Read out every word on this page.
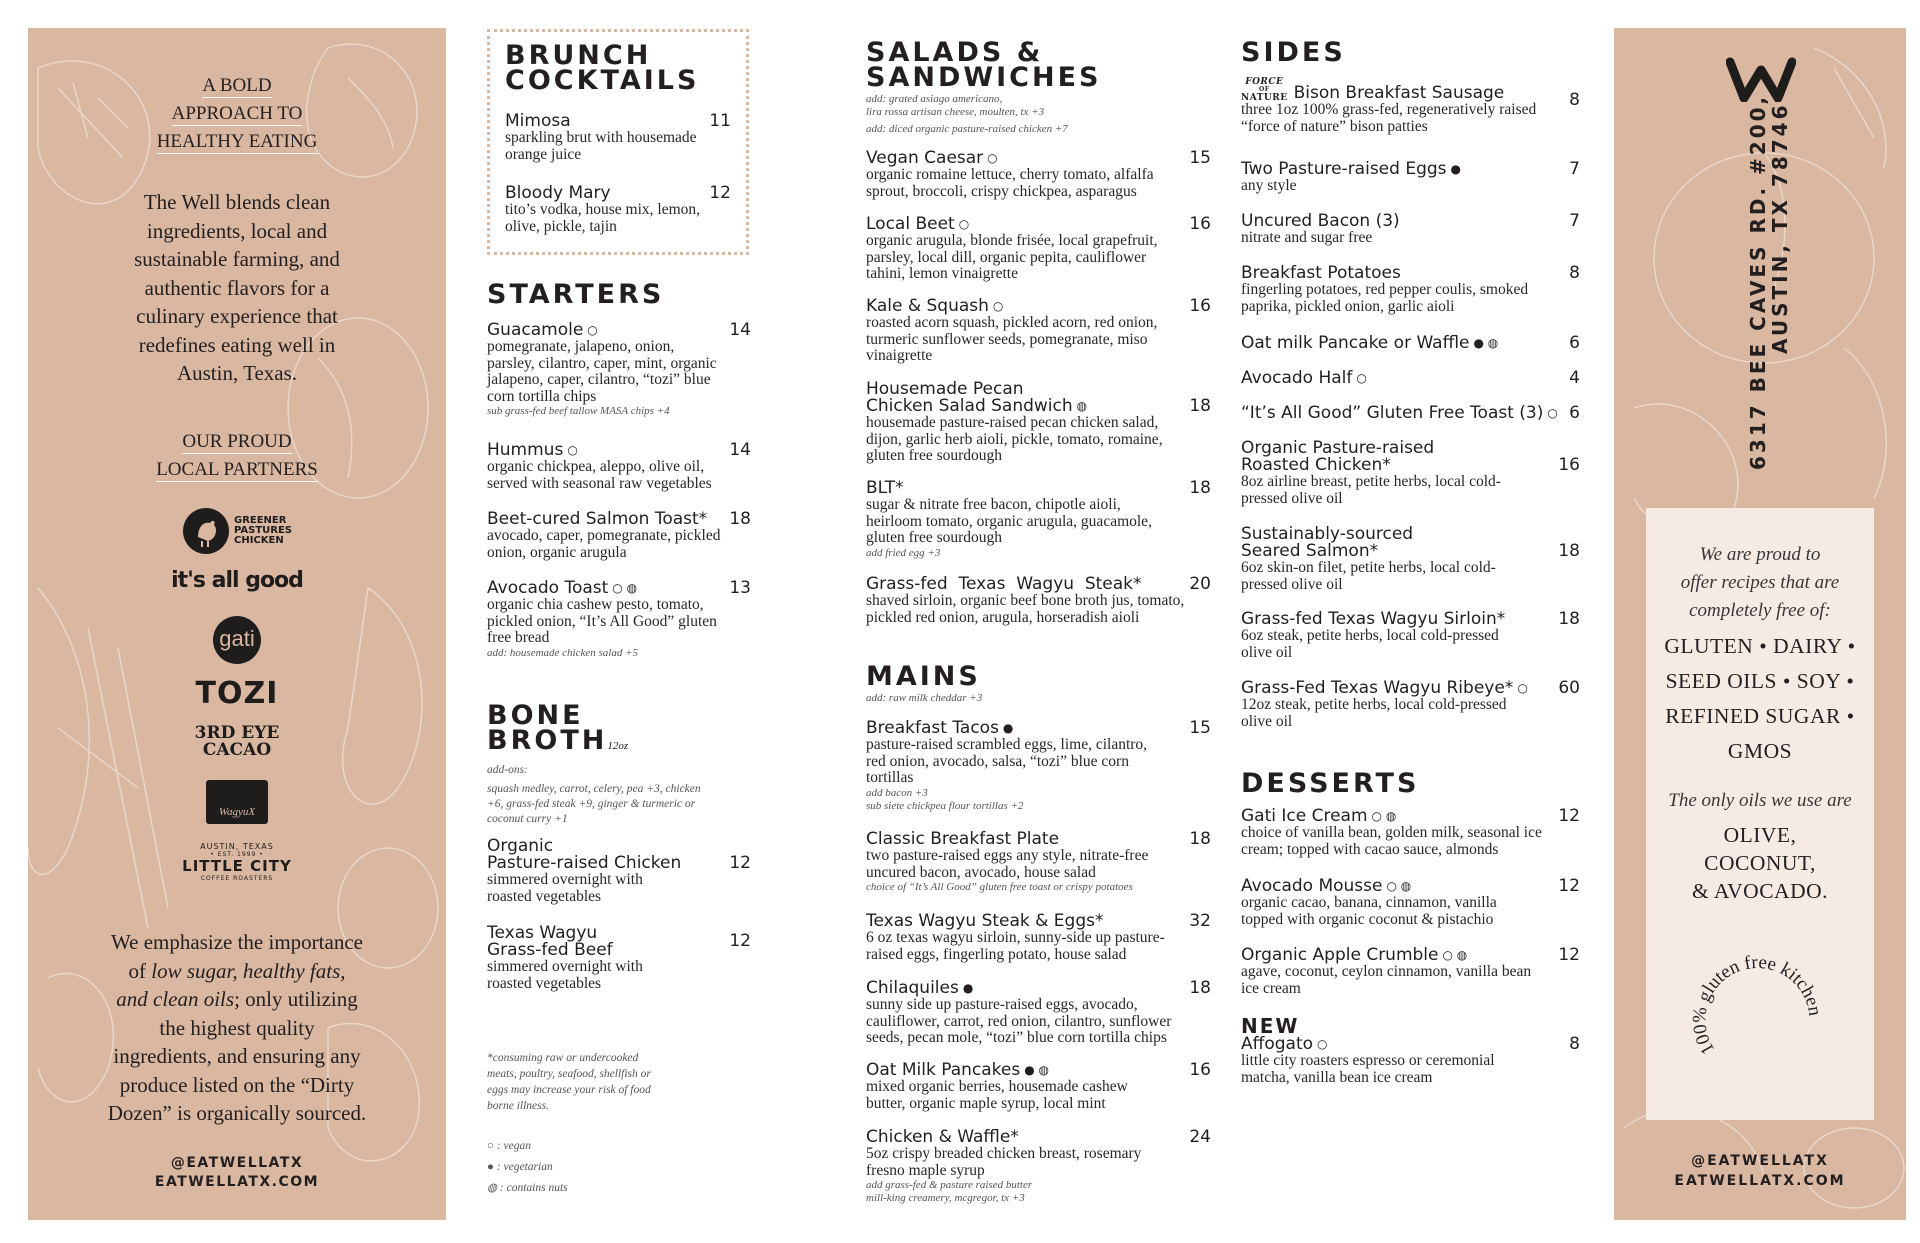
A BOLD
APPROACH TO
HEALTHY EATING
The Well blends clean
ingredients, local and
sustainable farming, and
authentic flavors for a
culinary experience that
redefines eating well in
Austin, Texas.
OUR PROUD
LOCAL PARTNERS
GREENER
PASTURES
CHICKEN
it's all good
gati
TOZI
3RD EYE
CACAO
WagyuX
AUSTIN, TEXAS
• EST. 1999 •
LITTLE CITY
COFFEE ROASTERS
We emphasize the importance
of low sugar, healthy fats,
and clean oils; only utilizing
the highest quality
ingredients, and ensuring any
produce listed on the “Dirty
Dozen” is organically sourced.
@EATWELLATX
EATWELLATX.COM
BRUNCH
COCKTAILS
Mimosa	11
sparkling brut with housemade
orange juice
Bloody Mary	12
tito’s vodka, house mix, lemon,
olive, pickle, tajin
STARTERS
Guacamole ○	14
pomegranate, jalapeno, onion,
parsley, cilantro, caper, mint, organic
jalapeno, caper, cilantro, “tozi” blue
corn tortilla chips
sub grass-fed beef tallow MASA chips +4
Hummus ○	14
organic chickpea, aleppo, olive oil,
served with seasonal raw vegetables
Beet-cured Salmon Toast*	18
avocado, caper, pomegranate, pickled
onion, organic arugula
Avocado Toast ○ ◍	13
organic chia cashew pesto, tomato,
pickled onion, “It’s All Good” gluten
free bread
add: housemade chicken salad +5
BONE
BROTH12oz
add-ons:
squash medley, carrot, celery, pea +3, chicken
+6, grass-fed steak +9, ginger & turmeric or
coconut curry +1
Organic
Pasture-raised Chicken	12
simmered overnight with
roasted vegetables
Texas Wagyu
Grass-fed Beef	12
simmered overnight with
roasted vegetables
*consuming raw or undercooked
meats, poultry, seafood, shellfish or
eggs may increase your risk of food
borne illness.
○ : vegan
● : vegetarian
◍ : contains nuts
SALADS &
SANDWICHES
add: grated asiago americano,
lira rossa artisan cheese, moulten, tx +3
add: diced organic pasture-raised chicken +7
Vegan Caesar ○	15
organic romaine lettuce, cherry tomato, alfalfa
sprout, broccoli, crispy chickpea, asparagus
Local Beet ○	16
organic arugula, blonde frisée, local grapefruit,
parsley, local dill, organic pepita, cauliflower
tahini, lemon vinaigrette
Kale & Squash ○	16
roasted acorn squash, pickled acorn, red onion,
turmeric sunflower seeds, pomegranate, miso
vinaigrette
Housemade Pecan
Chicken Salad Sandwich ◍	18
housemade pasture-raised pecan chicken salad,
dijon, garlic herb aioli, pickle, tomato, romaine,
gluten free sourdough
BLT*	18
sugar & nitrate free bacon, chipotle aioli,
heirloom tomato, organic arugula, guacamole,
gluten free sourdough
add fried egg +3
Grass-fed  Texas  Wagyu  Steak*	20
shaved sirloin, organic beef bone broth jus, tomato,
pickled red onion, arugula, horseradish aioli
MAINS
add: raw milk cheddar +3
Breakfast Tacos ●	15
pasture-raised scrambled eggs, lime, cilantro,
red onion, avocado, salsa, “tozi” blue corn
tortillas
add bacon +3
sub siete chickpea flour tortillas +2
Classic Breakfast Plate	18
two pasture-raised eggs any style, nitrate-free
uncured bacon, avocado, house salad
choice of “It’s All Good” gluten free toast or crispy potatoes
Texas Wagyu Steak & Eggs*	32
6 oz texas wagyu sirloin, sunny-side up pasture-
raised eggs, fingerling potato, house salad
Chilaquiles ●	18
sunny side up pasture-raised eggs, avocado,
cauliflower, carrot, red onion, cilantro, sunflower
seeds, pecan mole, “tozi” blue corn tortilla chips
Oat Milk Pancakes ● ◍	16
mixed organic berries, housemade cashew
butter, organic maple syrup, local mint
Chicken & Waffle*	24
5oz crispy breaded chicken breast, rosemary
fresno maple syrup
add grass-fed & pasture raised butter
mill-king creamery, mcgregor, tx +3
SIDES
FORCE
OF
NATURE Bison Breakfast Sausage	8
three 1oz 100% grass-fed, regeneratively raised
“force of nature” bison patties
Two Pasture-raised Eggs ●	7
any style
Uncured Bacon (3)	7
nitrate and sugar free
Breakfast Potatoes	8
fingerling potatoes, red pepper coulis, smoked
paprika, pickled onion, garlic aioli
Oat milk Pancake or Waffle ● ◍	6
Avocado Half ○	4
“It’s All Good” Gluten Free Toast (3) ○ 6
Organic Pasture-raised
Roasted Chicken*	16
8oz airline breast, petite herbs, local cold-
pressed olive oil
Sustainably-sourced
Seared Salmon*	18
6oz skin-on filet, petite herbs, local cold-
pressed olive oil
Grass-fed Texas Wagyu Sirloin*	18
6oz steak, petite herbs, local cold-pressed
olive oil
Grass-Fed Texas Wagyu Ribeye* ○	60
12oz steak, petite herbs, local cold-pressed
olive oil
DESSERTS
Gati Ice Cream ○ ◍	12
choice of vanilla bean, golden milk, seasonal ice
cream; topped with cacao sauce, almonds
Avocado Mousse ○ ◍	12
organic cacao, banana, cinnamon, vanilla
topped with organic coconut & pistachio
Organic Apple Crumble ○ ◍	12
agave, coconut, ceylon cinnamon, vanilla bean
ice cream
NEW
Affogato ○	8
little city roasters espresso or ceremonial
matcha, vanilla bean ice cream
6317 BEE CAVES RD. #200,
AUSTIN, TX 78746
We are proud to
offer recipes that are
completely free of:
GLUTEN • DAIRY •
SEED OILS • SOY •
REFINED SUGAR •
GMOS
The only oils we use are
OLIVE,
COCONUT,
& AVOCADO.
100% gluten free kitchen
@EATWELLATX
EATWELLATX.COM
